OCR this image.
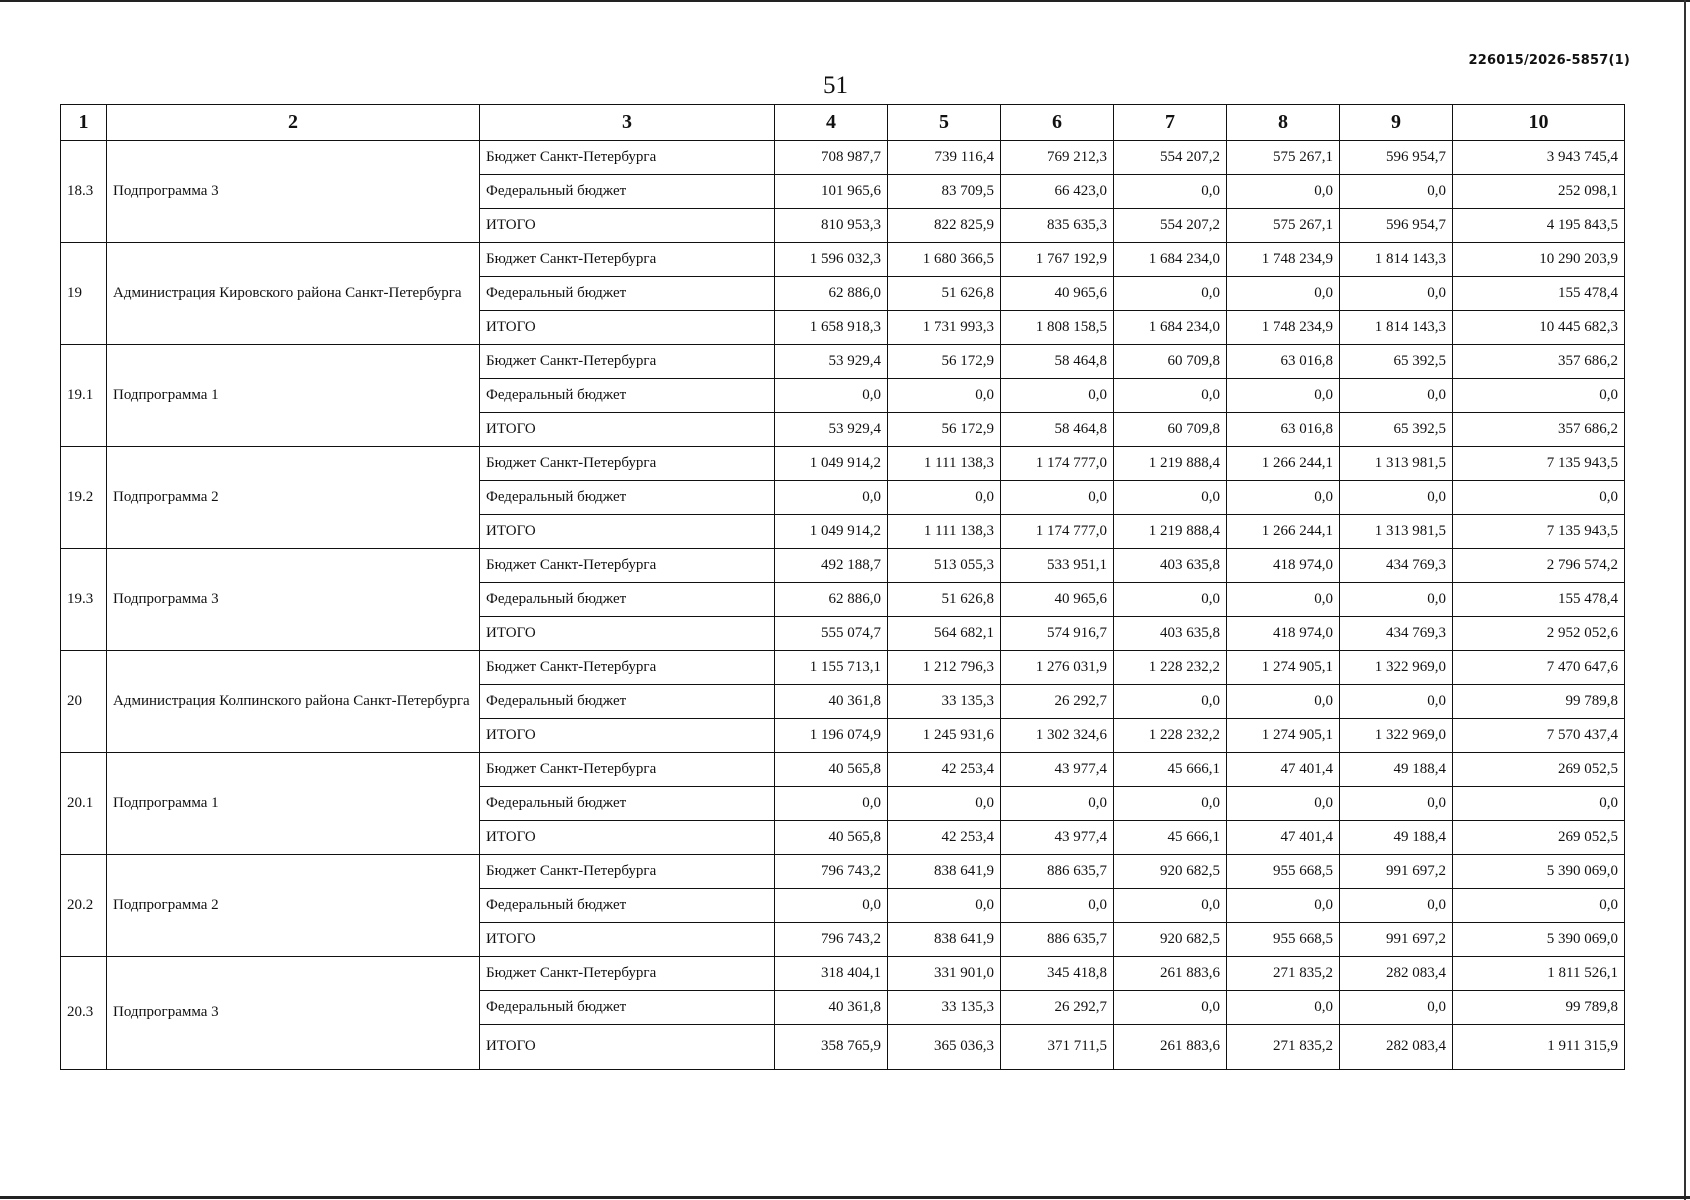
226015/2026-5857(1)
51
1	2	3	4	5	6	7	8	9	10
18.3	Подпрограмма 3	Бюджет Санкт-Петербурга	708 987,7	739 116,4	769 212,3	554 207,2	575 267,1	596 954,7	3 943 745,4
		Федеральный бюджет	101 965,6	83 709,5	66 423,0	0,0	0,0	0,0	252 098,1
		ИТОГО	810 953,3	822 825,9	835 635,3	554 207,2	575 267,1	596 954,7	4 195 843,5
19	Администрация Кировского района Санкт-Петербурга	Бюджет Санкт-Петербурга	1 596 032,3	1 680 366,5	1 767 192,9	1 684 234,0	1 748 234,9	1 814 143,3	10 290 203,9
		Федеральный бюджет	62 886,0	51 626,8	40 965,6	0,0	0,0	0,0	155 478,4
		ИТОГО	1 658 918,3	1 731 993,3	1 808 158,5	1 684 234,0	1 748 234,9	1 814 143,3	10 445 682,3
19.1	Подпрограмма 1	Бюджет Санкт-Петербурга	53 929,4	56 172,9	58 464,8	60 709,8	63 016,8	65 392,5	357 686,2
		Федеральный бюджет	0,0	0,0	0,0	0,0	0,0	0,0	0,0
		ИТОГО	53 929,4	56 172,9	58 464,8	60 709,8	63 016,8	65 392,5	357 686,2
19.2	Подпрограмма 2	Бюджет Санкт-Петербурга	1 049 914,2	1 111 138,3	1 174 777,0	1 219 888,4	1 266 244,1	1 313 981,5	7 135 943,5
		Федеральный бюджет	0,0	0,0	0,0	0,0	0,0	0,0	0,0
		ИТОГО	1 049 914,2	1 111 138,3	1 174 777,0	1 219 888,4	1 266 244,1	1 313 981,5	7 135 943,5
19.3	Подпрограмма 3	Бюджет Санкт-Петербурга	492 188,7	513 055,3	533 951,1	403 635,8	418 974,0	434 769,3	2 796 574,2
		Федеральный бюджет	62 886,0	51 626,8	40 965,6	0,0	0,0	0,0	155 478,4
		ИТОГО	555 074,7	564 682,1	574 916,7	403 635,8	418 974,0	434 769,3	2 952 052,6
20	Администрация Колпинского района Санкт-Петербурга	Бюджет Санкт-Петербурга	1 155 713,1	1 212 796,3	1 276 031,9	1 228 232,2	1 274 905,1	1 322 969,0	7 470 647,6
		Федеральный бюджет	40 361,8	33 135,3	26 292,7	0,0	0,0	0,0	99 789,8
		ИТОГО	1 196 074,9	1 245 931,6	1 302 324,6	1 228 232,2	1 274 905,1	1 322 969,0	7 570 437,4
20.1	Подпрограмма 1	Бюджет Санкт-Петербурга	40 565,8	42 253,4	43 977,4	45 666,1	47 401,4	49 188,4	269 052,5
		Федеральный бюджет	0,0	0,0	0,0	0,0	0,0	0,0	0,0
		ИТОГО	40 565,8	42 253,4	43 977,4	45 666,1	47 401,4	49 188,4	269 052,5
20.2	Подпрограмма 2	Бюджет Санкт-Петербурга	796 743,2	838 641,9	886 635,7	920 682,5	955 668,5	991 697,2	5 390 069,0
		Федеральный бюджет	0,0	0,0	0,0	0,0	0,0	0,0	0,0
		ИТОГО	796 743,2	838 641,9	886 635,7	920 682,5	955 668,5	991 697,2	5 390 069,0
20.3	Подпрограмма 3	Бюджет Санкт-Петербурга	318 404,1	331 901,0	345 418,8	261 883,6	271 835,2	282 083,4	1 811 526,1
		Федеральный бюджет	40 361,8	33 135,3	26 292,7	0,0	0,0	0,0	99 789,8
		ИТОГО	358 765,9	365 036,3	371 711,5	261 883,6	271 835,2	282 083,4	1 911 315,9
